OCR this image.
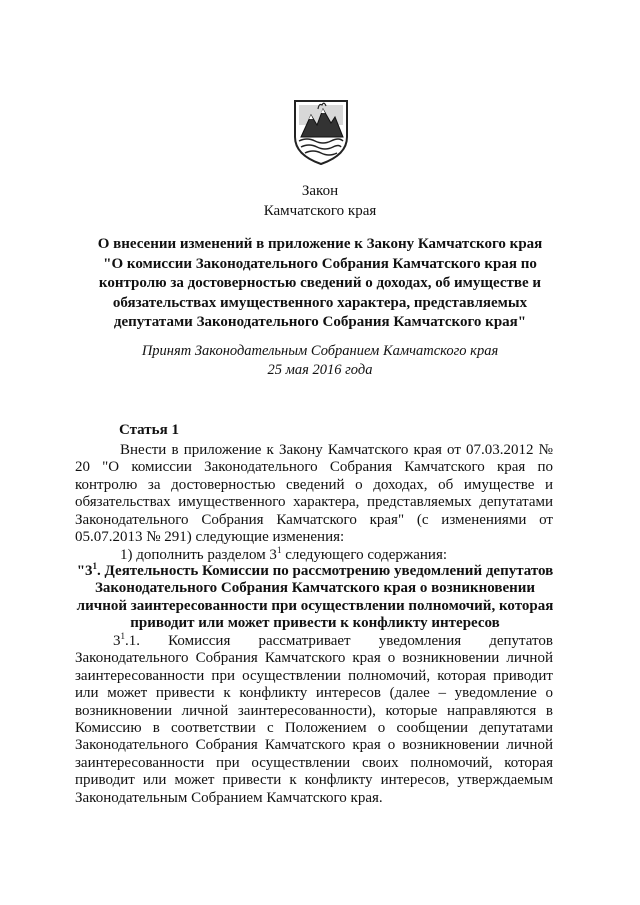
Закон
Камчатского края
О внесении изменений в приложение к Закону Камчатского края
"О комиссии Законодательного Собрания Камчатского края по
контролю за достоверностью сведений о доходах, об имуществе и
обязательствах имущественного характера, представляемых
депутатами Законодательного Собрания Камчатского края"
Принят Законодательным Собранием Камчатского края
25 мая 2016 года
Статья 1
Внести в приложение к Закону Камчатского края от 07.03.2012 № 20 "О комиссии Законодательного Собрания Камчатского края по контролю за достоверностью сведений о доходах, об имуществе и обязательствах имущественного характера, представляемых депутатами Законодательного Собрания Камчатского края" (с изменениями от 05.07.2013 № 291) следующие изменения:
1) дополнить разделом $3^1$ следующего содержания:
"$3^1$. Деятельность Комиссии по рассмотрению уведомлений депутатов Законодательного Собрания Камчатского края о возникновении личной заинтересованности при осуществлении полномочий, которая приводит или может привести к конфликту интересов
$3^1.1$. Комиссия рассматривает уведомления депутатов Законодательного Собрания Камчатского края о возникновении личной заинтересованности при осуществлении полномочий, которая приводит или может привести к конфликту интересов (далее – уведомление о возникновении личной заинтересованности), которые направляются в Комиссию в соответствии с Положением о сообщении депутатами Законодательного Собрания Камчатского края о возникновении личной заинтересованности при осуществлении своих полномочий, которая приводит или может привести к конфликту интересов, утверждаемым Законодательным Собранием Камчатского края.
